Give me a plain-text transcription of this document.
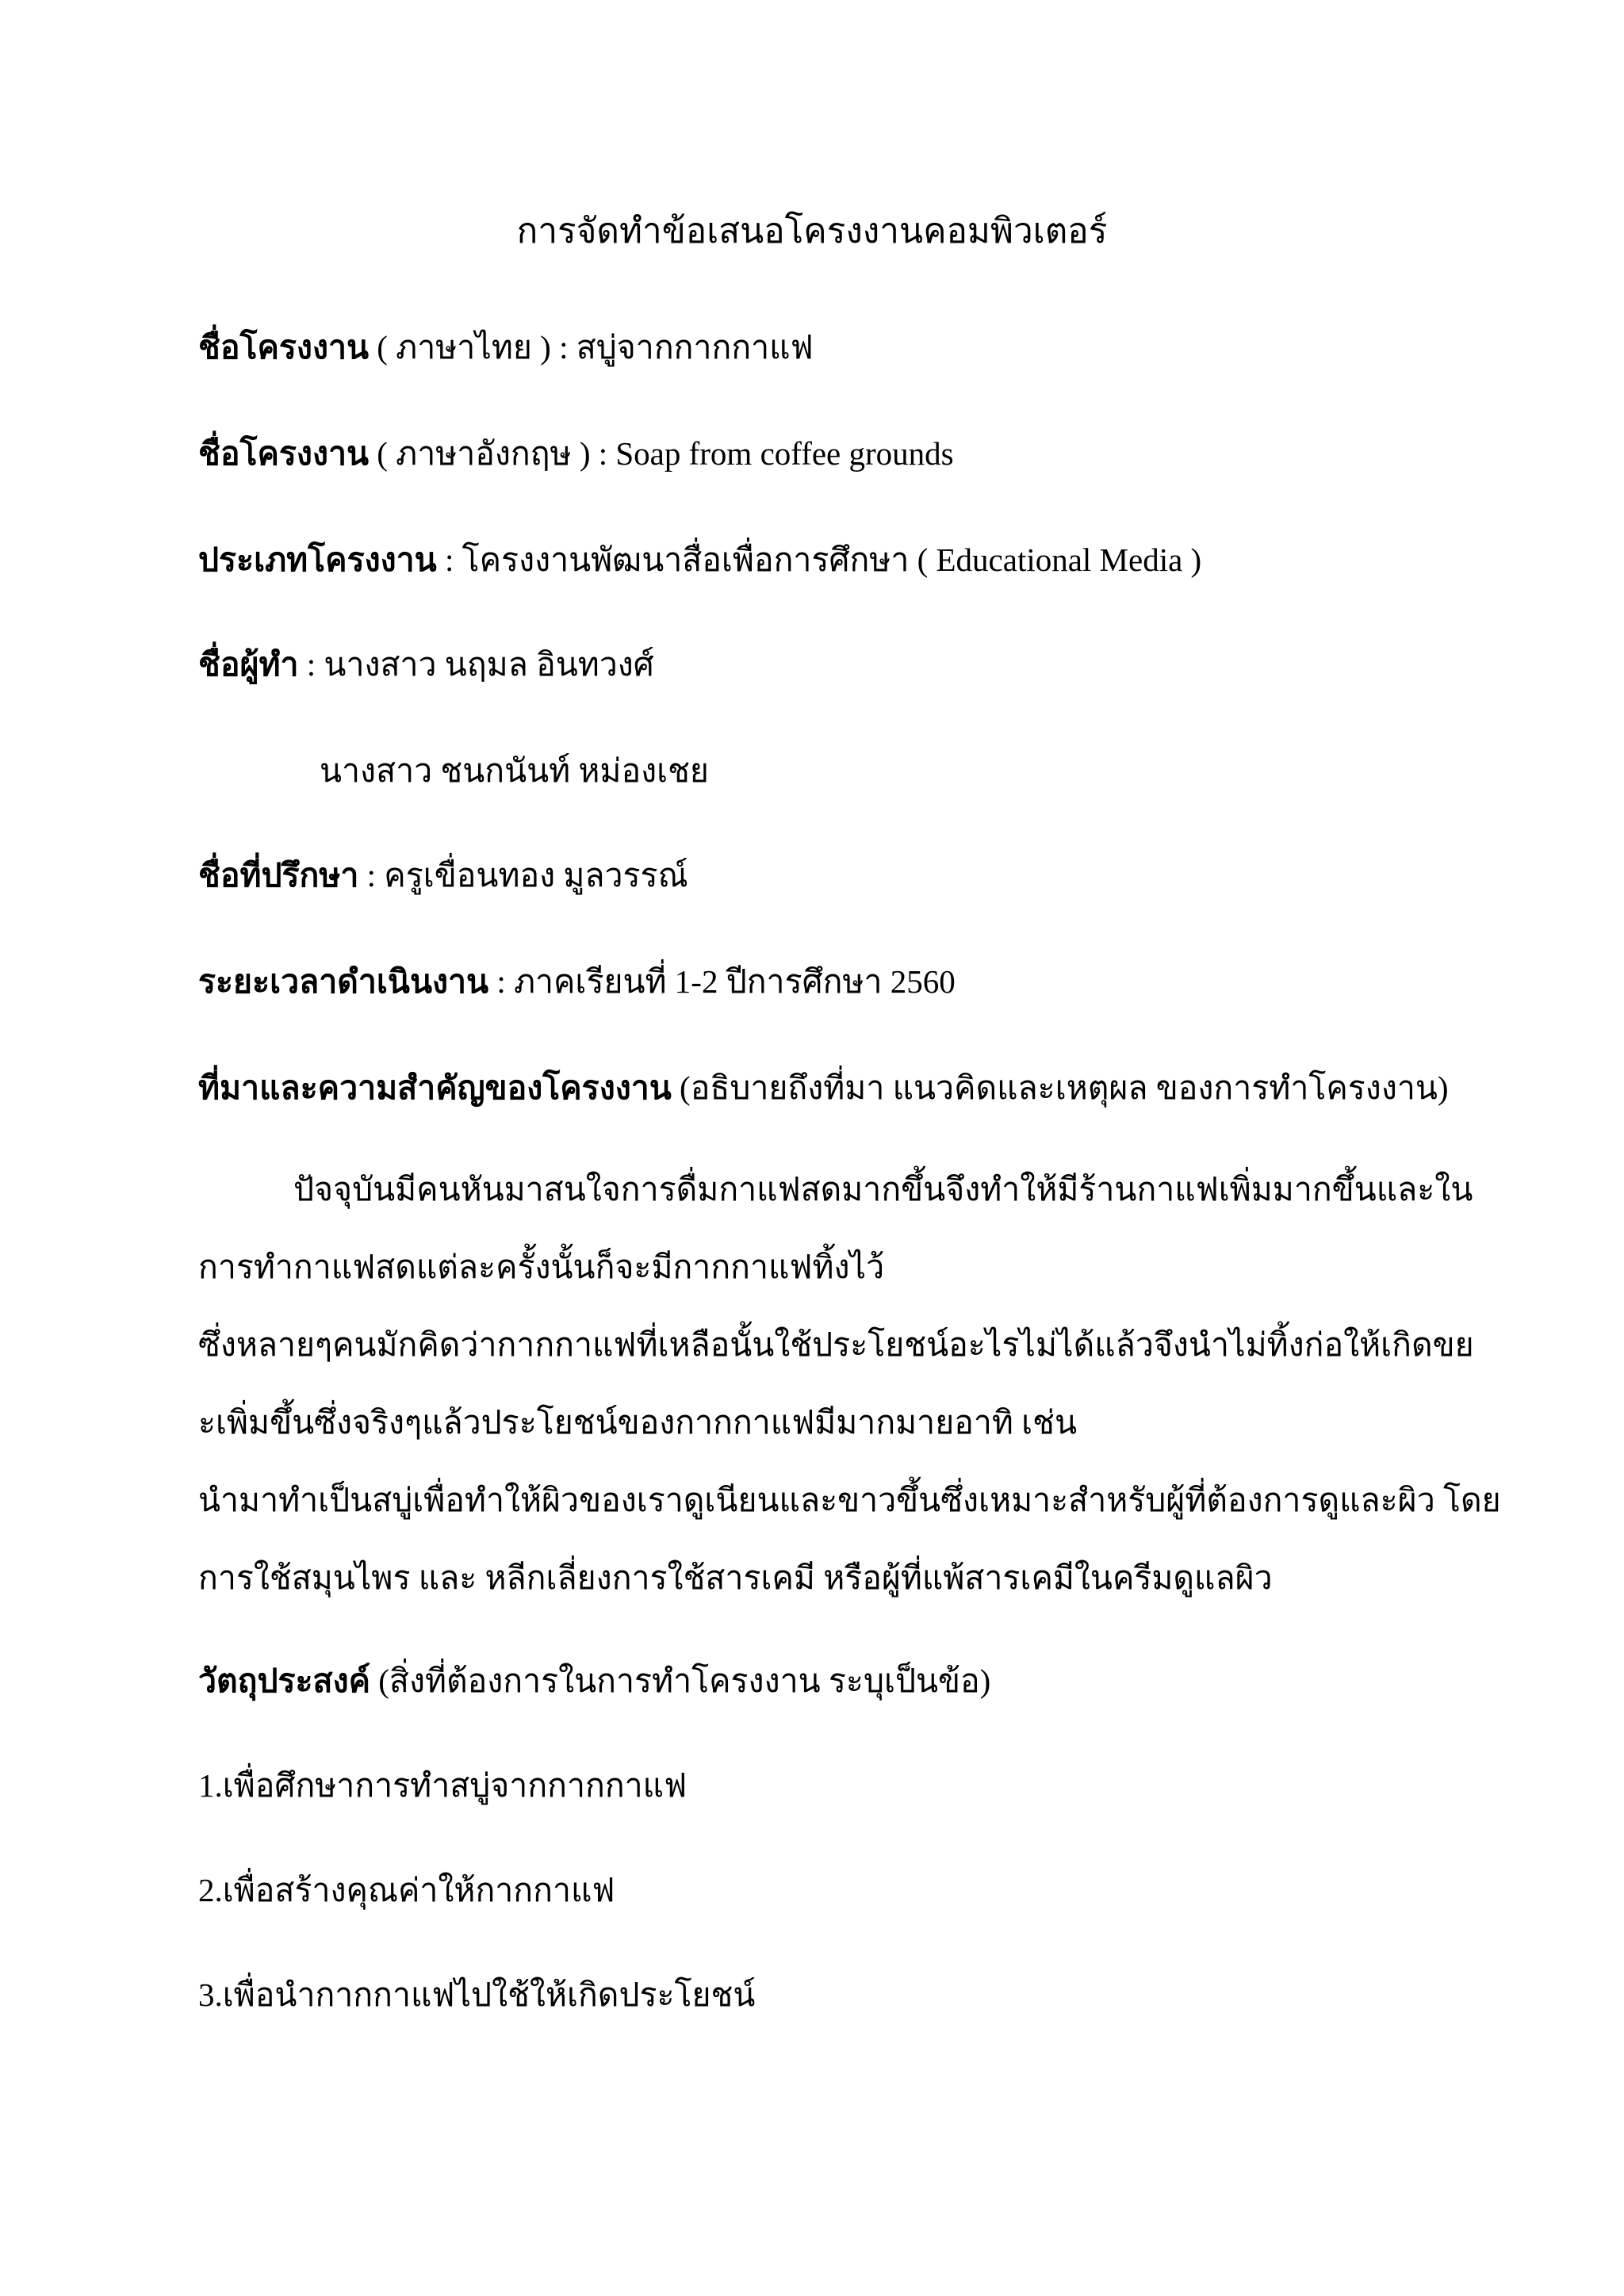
การจัดทำข้อเสนอโครงงานคอมพิวเตอร์
ชื่อโครงงาน ( ภาษาไทย ) : สบู่จากกากกาแฟ
ชื่อโครงงาน ( ภาษาอังกฤษ ) : Soap from coffee grounds
ประเภทโครงงาน : โครงงานพัฒนาสื่อเพื่อการศึกษา ( Educational Media )
ชื่อผู้ทำ : นางสาว นฤมล อินทวงศ์
นางสาว ชนกนันท์ หม่องเชย
ชื่อที่ปรึกษา : ครูเขื่อนทอง มูลวรรณ์
ระยะเวลาดำเนินงาน : ภาคเรียนที่ 1-2 ปีการศึกษา 2560
ที่มาและความสำคัญของโครงงาน (อธิบายถึงที่มา แนวคิดและเหตุผล ของการทำโครงงาน)
ปัจจุบันมีคนหันมาสนใจการดื่มกาแฟสดมากขึ้นจึงทำให้มีร้านกาแฟเพิ่มมากขึ้นและใน
การทำกาแฟสดแต่ละครั้งนั้นก็จะมีกากกาแฟทิ้งไว้
ซึ่งหลายๆคนมักคิดว่ากากกาแฟที่เหลือนั้นใช้ประโยชน์อะไรไม่ได้แล้วจึงนำไม่ทิ้งก่อให้เกิดขย
ะเพิ่มขึ้นซึ่งจริงๆแล้วประโยชน์ของกากกาแฟมีมากมายอาทิ เช่น
นำมาทำเป็นสบู่เพื่อทำให้ผิวของเราดูเนียนและขาวขึ้นซึ่งเหมาะสำหรับผู้ที่ต้องการดูและผิว โดย
การใช้สมุนไพร และ หลีกเลี่ยงการใช้สารเคมี หรือผู้ที่แพ้สารเคมีในครีมดูแลผิว
วัตถุประสงค์ (สิ่งที่ต้องการในการทำโครงงาน ระบุเป็นข้อ)
1.เพื่อศึกษาการทำสบู่จากกากกาแฟ
2.เพื่อสร้างคุณค่าให้กากกาแฟ
3.เพื่อนำกากกาแฟไปใช้ให้เกิดประโยชน์
